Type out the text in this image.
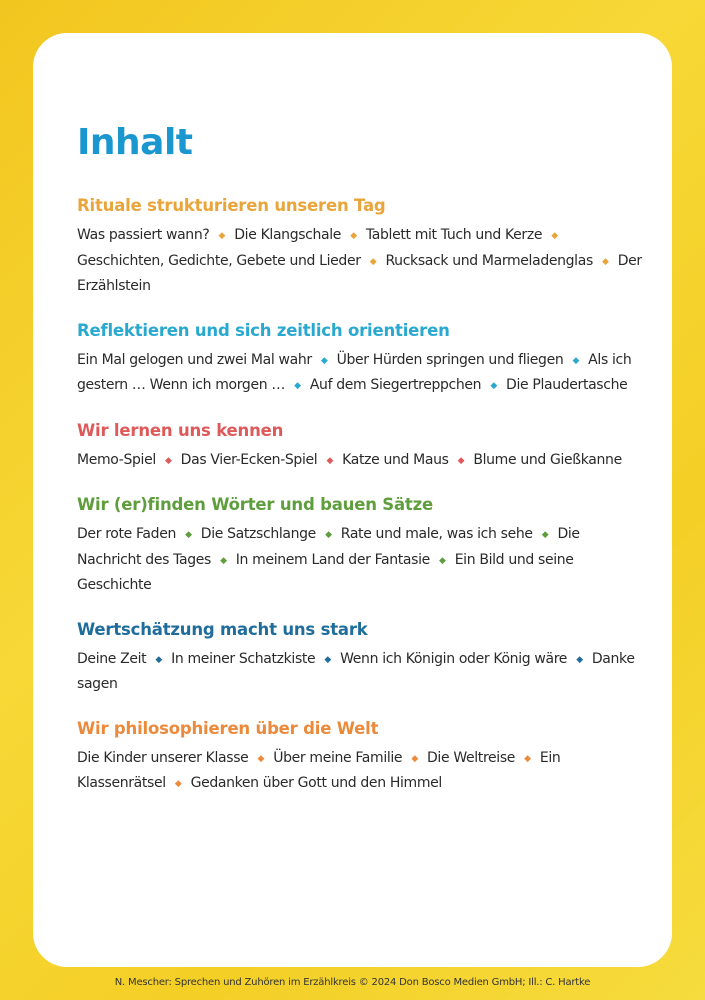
Inhalt
Rituale strukturieren unseren Tag

Was passiert wann? ◆ Die Klangschale ◆ Tablett mit Tuch und Kerze ◆ Geschichten, Gedichte, Gebete und Lieder ◆ Rucksack und Marmeladenglas ◆ Der Erzählstein

Reflektieren und sich zeitlich orientieren

Ein Mal gelogen und zwei Mal wahr ◆ Über Hürden springen und fliegen ◆ Als ich gestern … Wenn ich morgen … ◆ Auf dem Siegertreppchen ◆ Die Plaudertasche

Wir lernen uns kennen

Memo-Spiel ◆ Das Vier-Ecken-Spiel ◆ Katze und Maus ◆ Blume und Gießkanne

Wir (er)finden Wörter und bauen Sätze

Der rote Faden ◆ Die Satzschlange ◆ Rate und male, was ich sehe ◆ Die Nachricht des Tages ◆ In meinem Land der Fantasie ◆ Ein Bild und seine Geschichte

Wertschätzung macht uns stark

Deine Zeit ◆ In meiner Schatzkiste ◆ Wenn ich Königin oder König wäre ◆ Danke sagen

Wir philosophieren über die Welt

Die Kinder unserer Klasse ◆ Über meine Familie ◆ Die Weltreise ◆ Ein Klassenrätsel ◆ Gedanken über Gott und den Himmel

N. Mescher: Sprechen und Zuhören im Erzählkreis © 2024 Don Bosco Medien GmbH; Ill.: C. Hartke
